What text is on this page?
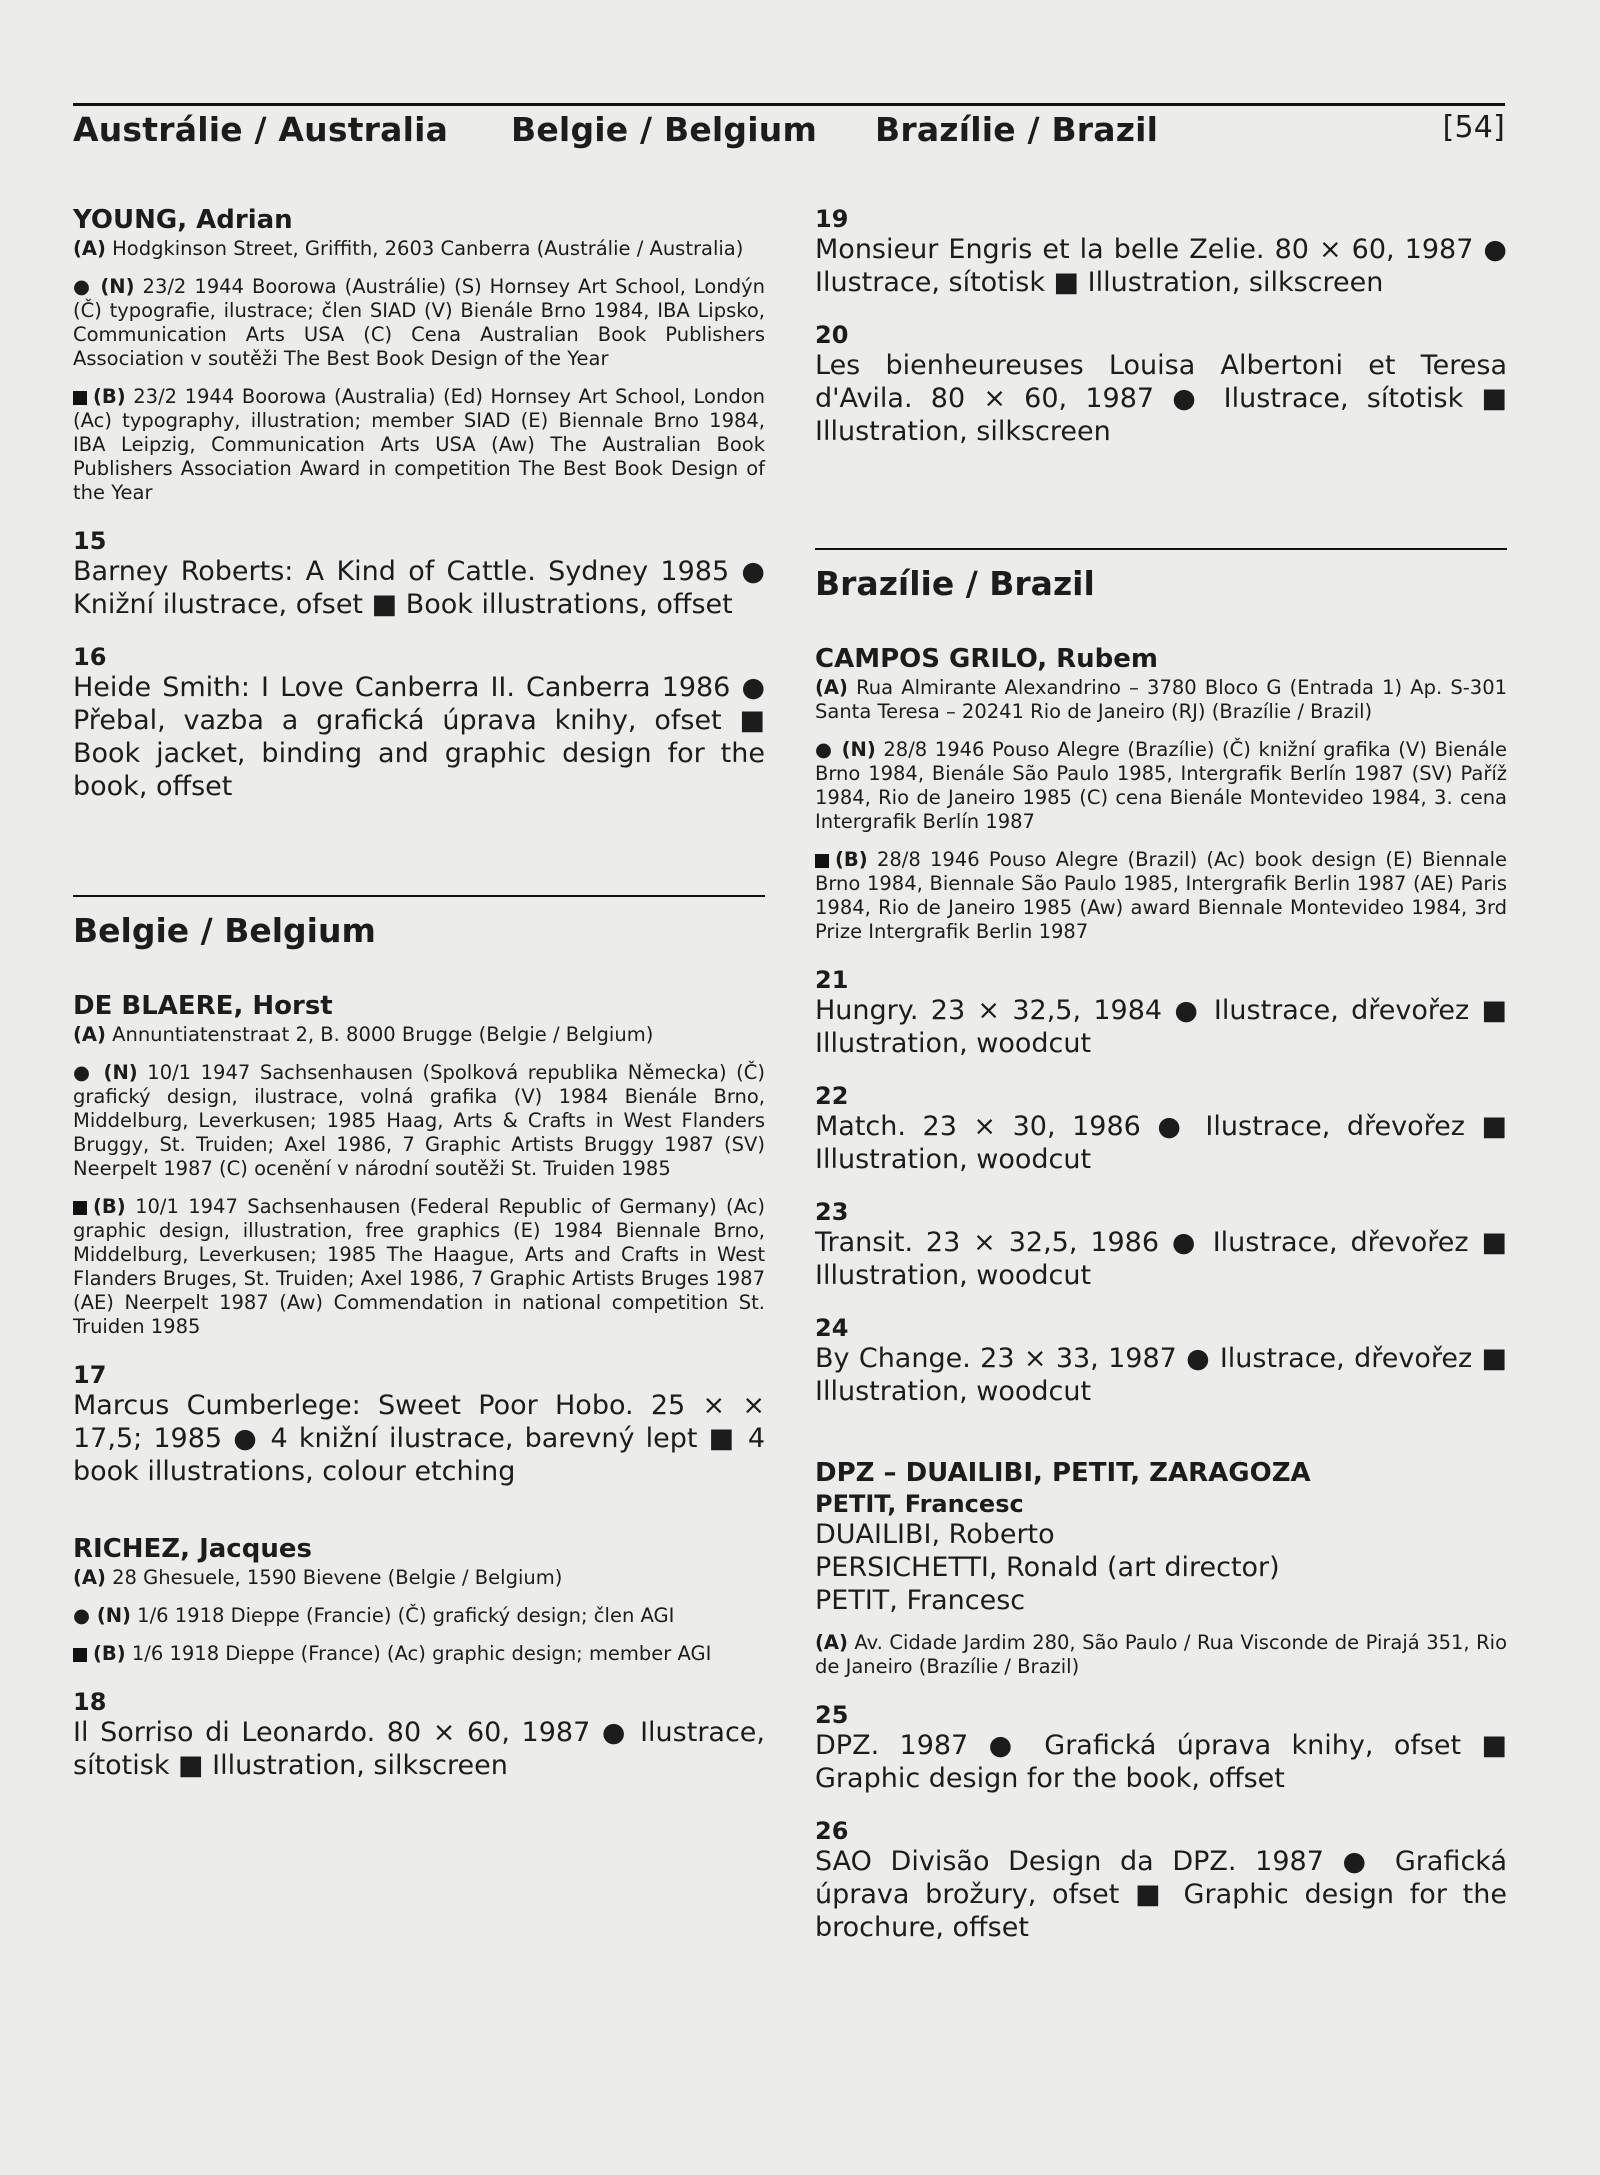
Austrálie / Australia Belgie / Belgium Brazílie / Brazil	[54]

YOUNG, Adrian

(A) Hodgkinson Street, Griffith, 2603 Canberra (Austrálie / Australia)

● (N) 23/2 1944 Boorowa (Austrálie) (S) Hornsey Art School, Londýn (Č) typografie, ilustrace; člen SIAD (V) Bienále Brno 1984, IBA Lipsko, Communication Arts USA (C) Cena Australian Book Publishers Association v soutěži The Best Book Design of the Year

(B) 23/2 1944 Boorowa (Australia) (Ed) Hornsey Art School, London (Ac) typography, illustration; member SIAD (E) Biennale Brno 1984, IBA Leipzig, Communication Arts USA (Aw) The Australian Book Publishers Association Award in competition The Best Book Design of the Year

15

Barney Roberts: A Kind of Cattle. Sydney 1985 ● Knižní ilustrace, ofset ■ Book illustrations, offset

16

Heide Smith: I Love Canberra II. Canberra 1986 ● Přebal, vazba a grafická úprava knihy, ofset ■ Book jacket, binding and graphic design for the book, offset

Belgie / Belgium

DE BLAERE, Horst

(A) Annuntiatenstraat 2, B. 8000 Brugge (Belgie / Belgium)

● (N) 10/1 1947 Sachsenhausen (Spolková republika Německa) (Č) grafický design, ilustrace, volná grafika (V) 1984 Bienále Brno, Middelburg, Leverkusen; 1985 Haag, Arts & Crafts in West Flanders Bruggy, St. Truiden; Axel 1986, 7 Graphic Artists Bruggy 1987 (SV) Neerpelt 1987 (C) ocenění v národní soutěži St. Truiden 1985

(B) 10/1 1947 Sachsenhausen (Federal Republic of Germany) (Ac) graphic design, illustration, free graphics (E) 1984 Biennale Brno, Middelburg, Leverkusen; 1985 The Haague, Arts and Crafts in West Flanders Bruges, St. Truiden; Axel 1986, 7 Graphic Artists Bruges 1987 (AE) Neerpelt 1987 (Aw) Commendation in national competition St. Truiden 1985

17

Marcus Cumberlege: Sweet Poor Hobo. 25 × × 17,5; 1985 ● 4 knižní ilustrace, barevný lept ■ 4 book illustrations, colour etching

RICHEZ, Jacques

(A) 28 Ghesuele, 1590 Bievene (Belgie / Belgium)

● (N) 1/6 1918 Dieppe (Francie) (Č) grafický design; člen AGI

(B) 1/6 1918 Dieppe (France) (Ac) graphic design; member AGI

18

Il Sorriso di Leonardo. 80 × 60, 1987 ● Ilustrace, sítotisk ■ Illustration, silkscreen

19

Monsieur Engris et la belle Zelie. 80 × 60, 1987 ● Ilustrace, sítotisk ■ Illustration, silkscreen

20

Les bienheureuses Louisa Albertoni et Teresa d'Avila. 80 × 60, 1987 ● Ilustrace, sítotisk ■ Illustration, silkscreen

Brazílie / Brazil

CAMPOS GRILO, Rubem

(A) Rua Almirante Alexandrino – 3780 Bloco G (Entrada 1) Ap. S-301 Santa Teresa – 20241 Rio de Janeiro (RJ) (Brazílie / Brazil)

● (N) 28/8 1946 Pouso Alegre (Brazílie) (Č) knižní grafika (V) Bienále Brno 1984, Bienále São Paulo 1985, Intergrafik Berlín 1987 (SV) Paříž 1984, Rio de Janeiro 1985 (C) cena Bienále Montevideo 1984, 3. cena Intergrafik Berlín 1987

(B) 28/8 1946 Pouso Alegre (Brazil) (Ac) book design (E) Biennale Brno 1984, Biennale São Paulo 1985, Intergrafik Berlin 1987 (AE) Paris 1984, Rio de Janeiro 1985 (Aw) award Biennale Montevideo 1984, 3rd Prize Intergrafik Berlin 1987

21

Hungry. 23 × 32,5, 1984 ● Ilustrace, dřevořez ■ Illustration, woodcut

22

Match. 23 × 30, 1986 ● Ilustrace, dřevořez ■ Illustration, woodcut

23

Transit. 23 × 32,5, 1986 ● Ilustrace, dřevořez ■ Illustration, woodcut

24

By Change. 23 × 33, 1987 ● Ilustrace, dřevořez ■ Illustration, woodcut

DPZ – DUAILIBI, PETIT, ZARAGOZA

PETIT, Francesc

DUAILIBI, Roberto

PERSICHETTI, Ronald (art director)

PETIT, Francesc

(A) Av. Cidade Jardim 280, São Paulo / Rua Visconde de Pirajá 351, Rio de Janeiro (Brazílie / Brazil)

25

DPZ. 1987 ● Grafická úprava knihy, ofset ■ Graphic design for the book, offset

26

SAO Divisão Design da DPZ. 1987 ● Grafická úprava brožury, ofset ■ Graphic design for the brochure, offset
